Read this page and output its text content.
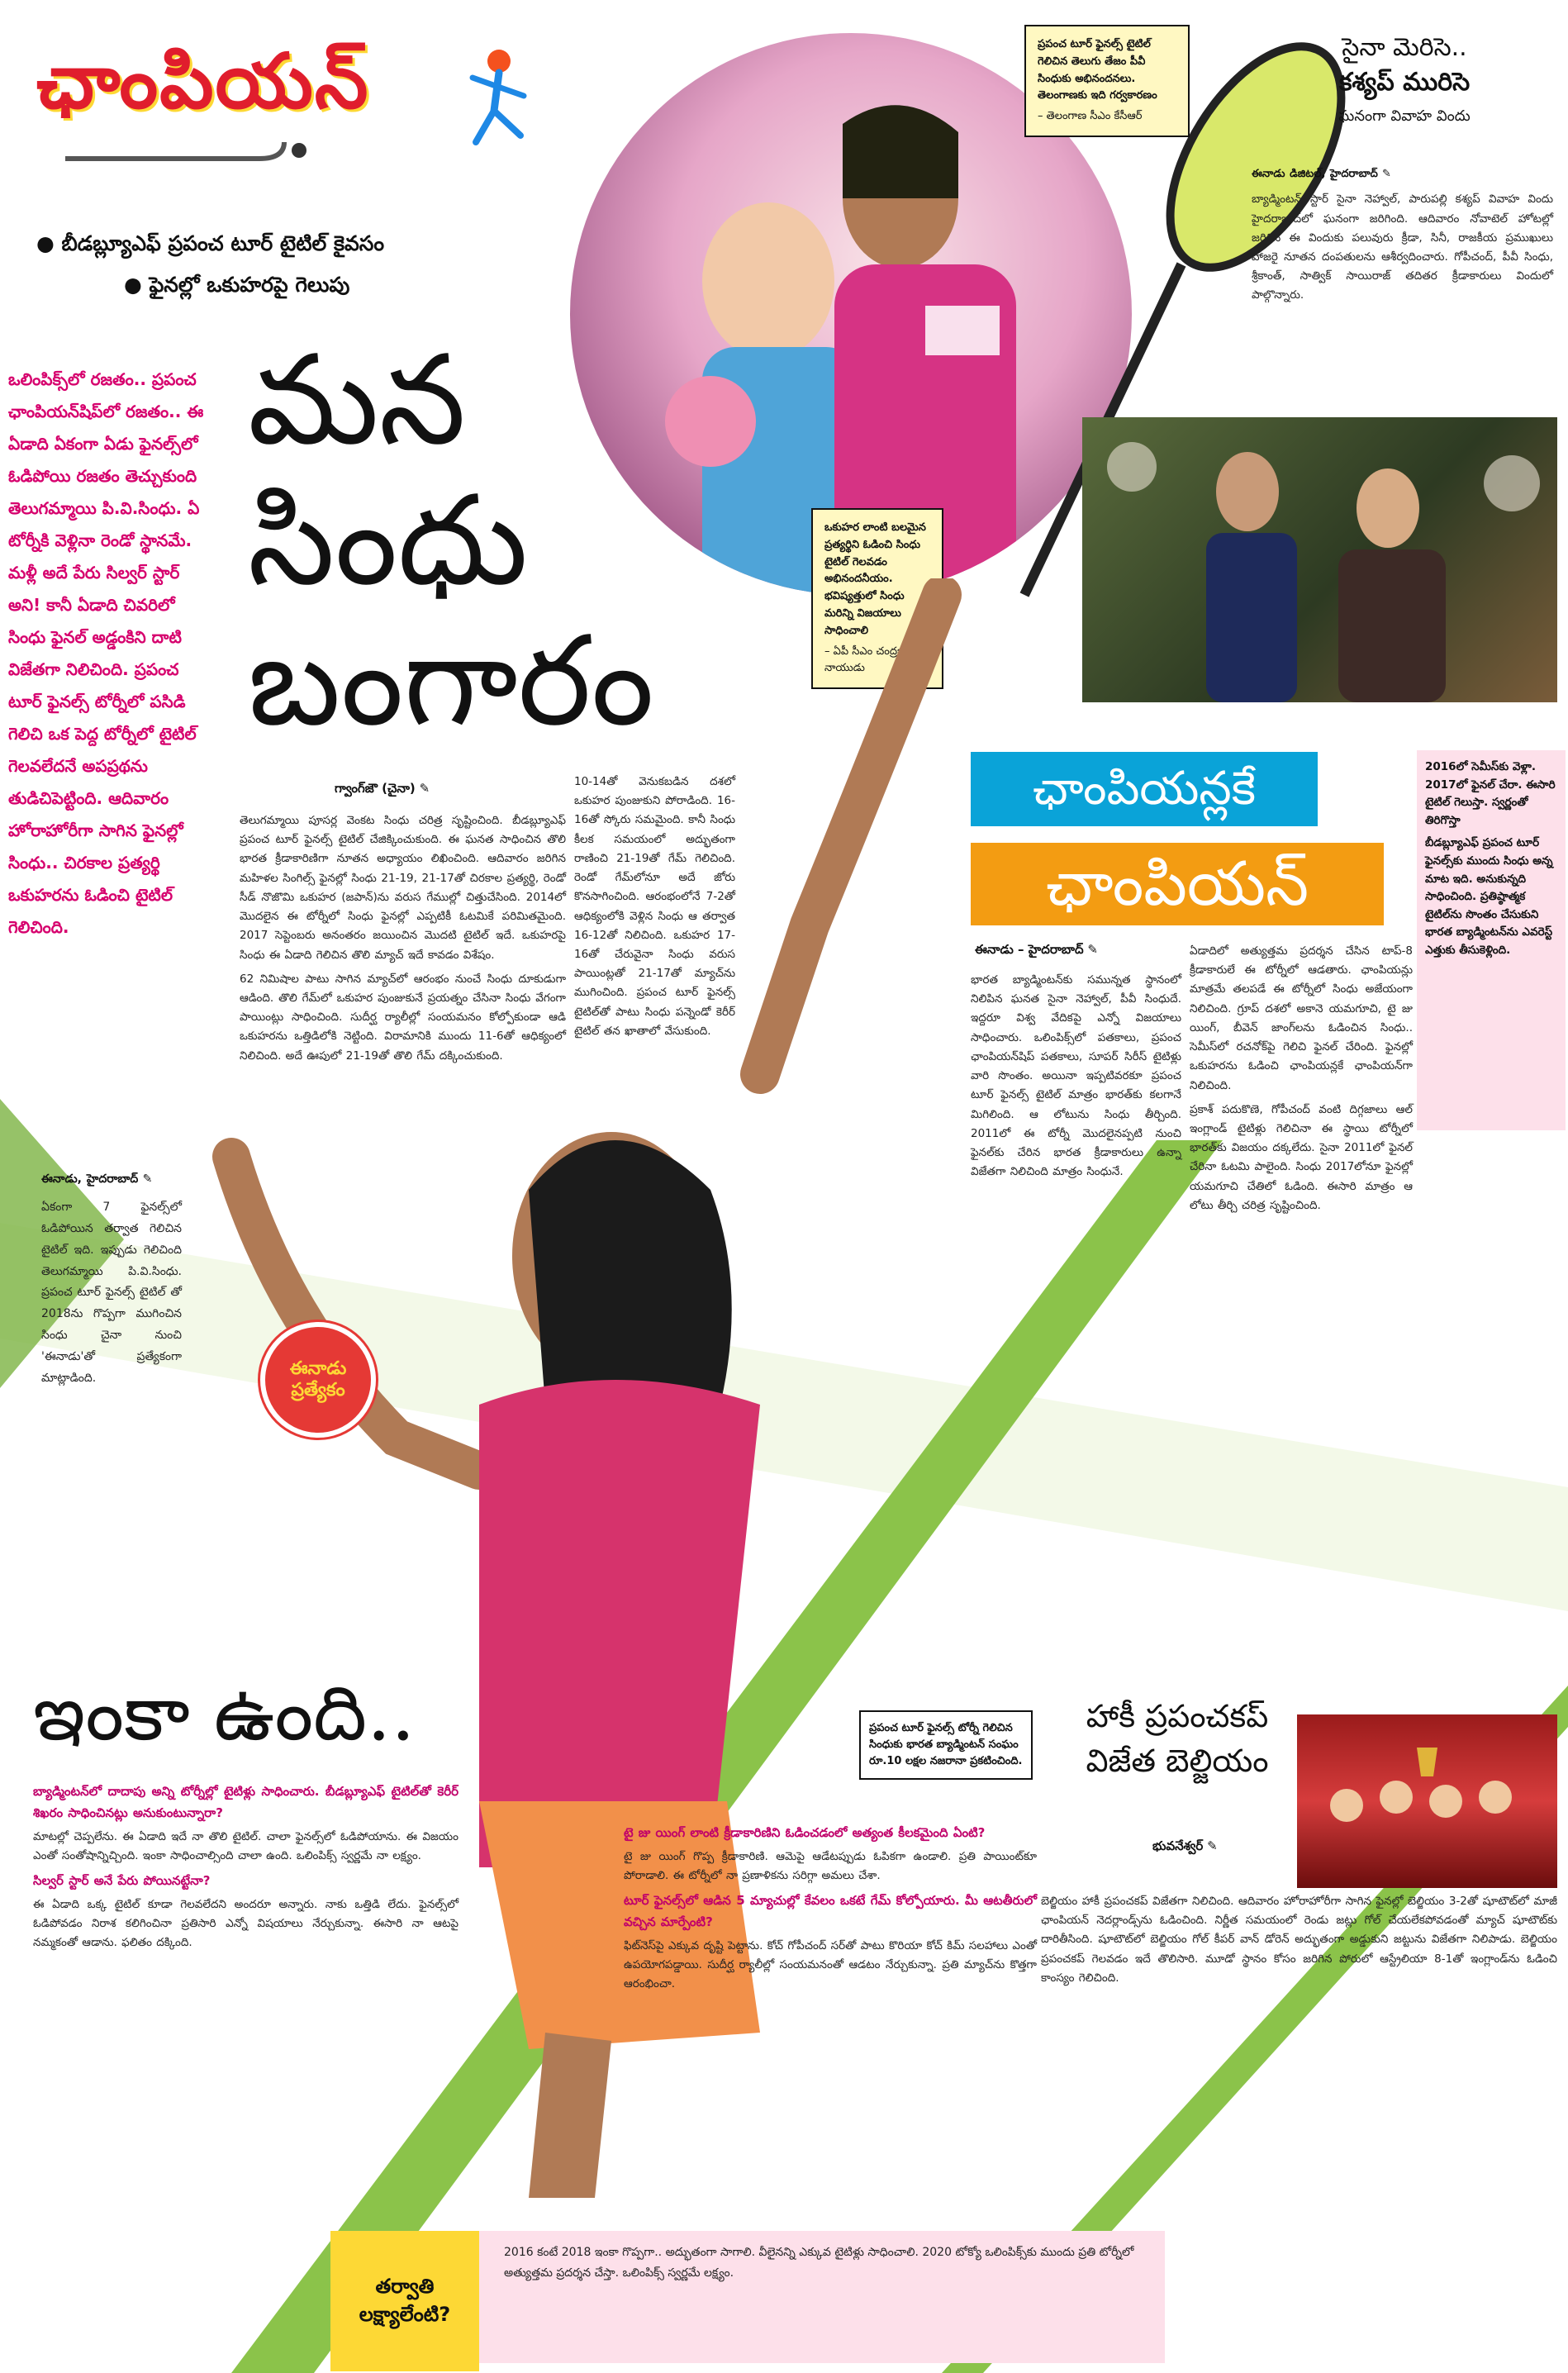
ఛాంపియన్
● బీడబ్ల్యూఎఫ్ ప్రపంచ టూర్ టైటిల్ కైవసం
● ఫైనల్లో ఒకుహరపై గెలుపు
ఒలింపిక్స్‌లో రజతం.. ప్రపంచ ఛాంపియన్‌షిప్‌లో రజతం.. ఈ ఏడాది ఏకంగా ఏడు ఫైనల్స్‌లో ఓడిపోయి రజతం తెచ్చుకుంది తెలుగమ్మాయి పి.వి.సింధు. ఏ టోర్నీకి వెళ్లినా రెండో స్థానమే. మళ్లీ అదే పేరు సిల్వర్ స్టార్ అని! కానీ ఏడాది చివరిలో సింధు ఫైనల్ అడ్డంకిని దాటి విజేతగా నిలిచింది. ప్రపంచ టూర్ ఫైనల్స్ టోర్నీలో పసిడి గెలిచి ఒక పెద్ద టోర్నీలో టైటిల్ గెలవలేదనే అపప్రథను తుడిచిపెట్టింది. ఆదివారం హోరాహోరీగా సాగిన ఫైనల్లో సింధు.. చిరకాల ప్రత్యర్థి ఒకుహరను ఓడించి టైటిల్ గెలిచింది.
ప్రపంచ టూర్ ఫైనల్స్ టైటిల్ గెలిచిన తెలుగు తేజం పీవీ సింధుకు అభినందనలు. తెలంగాణకు ఇది గర్వకారణం
– తెలంగాణ సీఎం కేసీఆర్
ఒకుహర లాంటి బలమైన ప్రత్యర్థిని ఓడించి సింధు టైటిల్ గెలవడం అభినందనీయం. భవిష్యత్తులో సింధు మరిన్ని విజయాలు సాధించాలి
– ఏపీ సీఎం చంద్రబాబు నాయుడు
మన
సింధు
బంగారం
గ్వాంగ్‌జౌ (చైనా) ✎

తెలుగమ్మాయి పూసర్ల వెంకట సింధు చరిత్ర సృష్టించింది. బీడబ్ల్యూఎఫ్ ప్రపంచ టూర్ ఫైనల్స్ టైటిల్ చేజిక్కించుకుంది. ఈ ఘనత సాధించిన తొలి భారత క్రీడాకారిణిగా నూతన అధ్యాయం లిఖించింది. ఆదివారం జరిగిన మహిళల సింగిల్స్ ఫైనల్లో సింధు 21-19, 21-17తో చిరకాల ప్రత్యర్థి, రెండో సీడ్ నొజొమి ఒకుహర (జపాన్)ను వరుస గేముల్లో చిత్తుచేసింది. 2014లో మొదలైన ఈ టోర్నీలో సింధు ఫైనల్లో ఎప్పటికీ ఓటమికే పరిమితమైంది. 2017 సెప్టెంబరు అనంతరం జయించిన మొదటి టైటిల్ ఇదే. ఒకుహరపై సింధు ఈ ఏడాది గెలిచిన తొలి మ్యాచ్ ఇదే కావడం విశేషం.

62 నిమిషాల పాటు సాగిన మ్యాచ్‌లో ఆరంభం నుంచే సింధు దూకుడుగా ఆడింది. తొలి గేమ్‌లో ఒకుహర పుంజుకునే ప్రయత్నం చేసినా సింధు వేగంగా పాయింట్లు సాధించింది. సుదీర్ఘ ర్యాలీల్లో సంయమనం కోల్పోకుండా ఆడి ఒకుహరను ఒత్తిడిలోకి నెట్టింది. విరామానికి ముందు 11-6తో ఆధిక్యంలో నిలిచింది. అదే ఊపులో 21-19తో తొలి గేమ్ దక్కించుకుంది.

10-14తో వెనుకబడిన దశలో ఒకుహర పుంజుకుని పోరాడింది. 16-16తో స్కోరు సమమైంది. కానీ సింధు కీలక సమయంలో అద్భుతంగా రాణించి 21-19తో గేమ్ గెలిచింది. రెండో గేమ్‌లోనూ అదే జోరు కొనసాగించింది. ఆరంభంలోనే 7-2తో ఆధిక్యంలోకి వెళ్లిన సింధు ఆ తర్వాత 16-12తో నిలిచింది. ఒకుహర 17-16తో చేరువైనా సింధు వరుస పాయింట్లతో 21-17తో మ్యాచ్‌ను ముగించింది. ప్రపంచ టూర్ ఫైనల్స్ టైటిల్‌తో పాటు సింధు పన్నెండో కెరీర్ టైటిల్ తన ఖాతాలో వేసుకుంది.

సైనా మెరిసె..
కశ్యప్ మురిసె
ఘనంగా వివాహ విందు
ఈనాడు డిజిటల్, హైదరాబాద్ ✎
బ్యాడ్మింటన్ స్టార్ సైనా నెహ్వాల్, పారుపల్లి కశ్యప్ వివాహ విందు హైదరాబాద్‌లో ఘనంగా జరిగింది. ఆదివారం నోవాటెల్ హోటల్లో జరిగిన ఈ విందుకు పలువురు క్రీడా, సినీ, రాజకీయ ప్రముఖులు హాజరై నూతన దంపతులను ఆశీర్వదించారు. గోపీచంద్, పీవీ సింధు, శ్రీకాంత్, సాత్విక్ సాయిరాజ్ తదితర క్రీడాకారులు విందులో పాల్గొన్నారు.
ఛాంపియన్లకే
ఛాంపియన్
2016లో సెమీస్‌కు వెళ్లా. 2017లో ఫైనల్ చేరా. ఈసారి టైటిల్ గెలుస్తా. స్వర్ణంతో తిరిగొస్తా
బీడబ్ల్యూఎఫ్ ప్రపంచ టూర్ ఫైనల్స్‌కు ముందు సింధు అన్న మాట ఇది. అనుకున్నది సాధించింది. ప్రతిష్ఠాత్మక టైటిల్‌ను సొంతం చేసుకుని భారత బ్యాడ్మింటన్‌ను ఎవరెస్ట్ ఎత్తుకు తీసుకెళ్లింది.
ఈనాడు – హైదరాబాద్ ✎

భారత బ్యాడ్మింటన్‌కు సమున్నత స్థానంలో నిలిపిన ఘనత సైనా నెహ్వాల్, పీవీ సింధుదే. ఇద్దరూ విశ్వ వేదికపై ఎన్నో విజయాలు సాధించారు. ఒలింపిక్స్‌లో పతకాలు, ప్రపంచ ఛాంపియన్‌షిప్‌ పతకాలు, సూపర్ సిరీస్ టైటిళ్లు వారి సొంతం. అయినా ఇప్పటివరకూ ప్రపంచ టూర్ ఫైనల్స్ టైటిల్ మాత్రం భారత్‌కు కలగానే మిగిలింది. ఆ లోటును సింధు తీర్చింది. 2011లో ఈ టోర్నీ మొదలైనప్పటి నుంచి ఫైనల్‌కు చేరిన భారత క్రీడాకారులు ఉన్నా విజేతగా నిలిచింది మాత్రం సింధునే.

ఏడాదిలో అత్యుత్తమ ప్రదర్శన చేసిన టాప్-8 క్రీడాకారులే ఈ టోర్నీలో ఆడతారు. ఛాంపియన్లు మాత్రమే తలపడే ఈ టోర్నీలో సింధు అజేయంగా నిలిచింది. గ్రూప్ దశలో అకానె యమగూచి, టై జు యింగ్, బీవెన్ జాంగ్‌లను ఓడించిన సింధు.. సెమీస్‌లో రచనోక్‌పై గెలిచి ఫైనల్ చేరింది. ఫైనల్లో ఒకుహరను ఓడించి ఛాంపియన్లకే ఛాంపియన్‌గా నిలిచింది.

ప్రకాశ్ పదుకొణె, గోపీచంద్ వంటి దిగ్గజాలు ఆల్ ఇంగ్లాండ్ టైటిళ్లు గెలిచినా ఈ స్థాయి టోర్నీలో భారత్‌కు విజయం దక్కలేదు. సైనా 2011లో ఫైనల్ చేరినా ఓటమి పాలైంది. సింధు 2017లోనూ ఫైనల్లో యమగూచి చేతిలో ఓడింది. ఈసారి మాత్రం ఆ లోటు తీర్చి చరిత్ర సృష్టించింది.

ఈనాడు ప్రత్యేకం
ఈనాడు, హైదరాబాద్ ✎
ఏకంగా 7 ఫైనల్స్‌లో ఓడిపోయిన తర్వాత గెలిచిన టైటిల్ ఇది. ఇప్పుడు గెలిచింది తెలుగమ్మాయి పి.వి.సింధు. ప్రపంచ టూర్ ఫైనల్స్ టైటిల్ తో 2018ను గొప్పగా ముగించిన సింధు చైనా నుంచి 'ఈనాడు'తో ప్రత్యేకంగా మాట్లాడింది.
ఇంకా ఉంది..
బ్యాడ్మింటన్‌లో దాదాపు అన్ని టోర్నీల్లో టైటిళ్లు సాధించారు. బీడబ్ల్యూఎఫ్ టైటిల్‌తో కెరీర్ శిఖరం సాధించినట్లు అనుకుంటున్నారా?

మాటల్లో చెప్పలేను. ఈ ఏడాది ఇదే నా తొలి టైటిల్. చాలా ఫైనల్స్‌లో ఓడిపోయాను. ఈ విజయం ఎంతో సంతోషాన్నిచ్చింది. ఇంకా సాధించాల్సింది చాలా ఉంది. ఒలింపిక్స్ స్వర్ణమే నా లక్ష్యం.

సిల్వర్ స్టార్ అనే పేరు పోయినట్టేనా?

ఈ ఏడాది ఒక్క టైటిల్ కూడా గెలవలేదని అందరూ అన్నారు. నాకు ఒత్తిడి లేదు. ఫైనల్స్‌లో ఓడిపోవడం నిరాశ కలిగించినా ప్రతిసారి ఎన్నో విషయాలు నేర్చుకున్నా. ఈసారి నా ఆటపై నమ్మకంతో ఆడాను. ఫలితం దక్కింది.

టై జు యింగ్ లాంటి క్రీడాకారిణిని ఓడించడంలో అత్యంత కీలకమైంది ఏంటి?

టై జు యింగ్ గొప్ప క్రీడాకారిణి. ఆమెపై ఆడేటప్పుడు ఓపికగా ఉండాలి. ప్రతి పాయింట్‌కూ పోరాడాలి. ఈ టోర్నీలో నా ప్రణాళికను సరిగ్గా అమలు చేశా.

టూర్ ఫైనల్స్‌లో ఆడిన 5 మ్యాచుల్లో కేవలం ఒకటే గేమ్ కోల్పోయారు. మీ ఆటతీరులో వచ్చిన మార్పేంటి?

ఫిట్‌నెస్‌పై ఎక్కువ దృష్టి పెట్టాను. కోచ్ గోపీచంద్ సర్‌తో పాటు కొరియా కోచ్ కిమ్ సలహాలు ఎంతో ఉపయోగపడ్డాయి. సుదీర్ఘ ర్యాలీల్లో సంయమనంతో ఆడటం నేర్చుకున్నా. ప్రతి మ్యాచ్‌ను కొత్తగా ఆరంభించా.

ప్రపంచ టూర్ ఫైనల్స్ టోర్నీ గెలిచిన సింధుకు భారత బ్యాడ్మింటన్ సంఘం రూ.10 లక్షల నజరానా ప్రకటించింది.
2016 కంటే 2018 ఇంకా గొప్పగా.. అద్భుతంగా సాగాలి. వీలైనన్ని ఎక్కువ టైటిళ్లు సాధించాలి. 2020 టోక్యో ఒలింపిక్స్‌కు ముందు ప్రతి టోర్నీలో అత్యుత్తమ ప్రదర్శన చేస్తా. ఒలింపిక్స్ స్వర్ణమే లక్ష్యం.
తర్వాతి లక్ష్యాలేంటి?
హాకీ ప్రపంచకప్
విజేత బెల్జియం
భువనేశ్వర్ ✎
బెల్జియం హాకీ ప్రపంచకప్ విజేతగా నిలిచింది. ఆదివారం హోరాహోరీగా సాగిన ఫైనల్లో బెల్జియం 3-2తో షూటౌట్‌లో మాజీ ఛాంపియన్ నెదర్లాండ్స్‌ను ఓడించింది. నిర్ణీత సమయంలో రెండు జట్లు గోల్ చేయలేకపోవడంతో మ్యాచ్ షూటౌట్‌కు దారితీసింది. షూటౌట్‌లో బెల్జియం గోల్ కీపర్ వాన్ డోరెన్ అద్భుతంగా అడ్డుకుని జట్టును విజేతగా నిలిపాడు. బెల్జియం ప్రపంచకప్ గెలవడం ఇదే తొలిసారి. మూడో స్థానం కోసం జరిగిన పోరులో ఆస్ట్రేలియా 8-1తో ఇంగ్లాండ్‌ను ఓడించి కాంస్యం గెలిచింది.
